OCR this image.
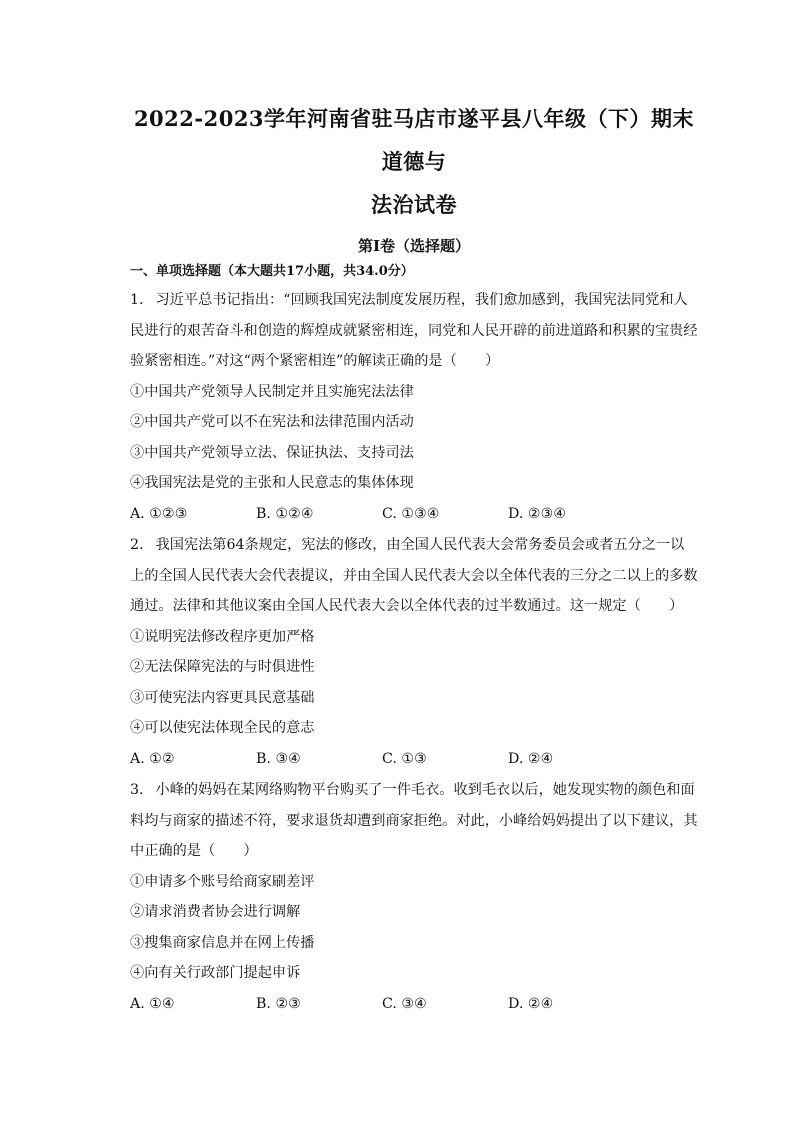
2022-2023学年河南省驻马店市遂平县八年级（下）期末道德与
法治试卷
第Ⅰ卷（选择题）
一、单项选择题（本大题共17小题，共34.0分）

1. 习近平总书记指出：“回顾我国宪法制度发展历程，我们愈加感到，我国宪法同党和人民进行的艰苦奋斗和创造的辉煌成就紧密相连，同党和人民开辟的前进道路和积累的宝贵经验紧密相连。”对这“两个紧密相连”的解读正确的是（　　）

①中国共产党领导人民制定并且实施宪法法律

②中国共产党可以不在宪法和法律范围内活动

③中国共产党领导立法、保证执法、支持司法

④我国宪法是党的主张和人民意志的集体体现

A. ①②③	B. ①②④	C. ①③④	D. ②③④

2. 我国宪法第64条规定，宪法的修改，由全国人民代表大会常务委员会或者五分之一以上的全国人民代表大会代表提议，并由全国人民代表大会以全体代表的三分之二以上的多数通过。法律和其他议案由全国人民代表大会以全体代表的过半数通过。这一规定（　　）

①说明宪法修改程序更加严格

②无法保障宪法的与时俱进性

③可使宪法内容更具民意基础

④可以使宪法体现全民的意志

A. ①②	B. ③④	C. ①③	D. ②④

3. 小峰的妈妈在某网络购物平台购买了一件毛衣。收到毛衣以后，她发现实物的颜色和面料均与商家的描述不符，要求退货却遭到商家拒绝。对此，小峰给妈妈提出了以下建议，其中正确的是（　　）

①申请多个账号给商家刷差评

②请求消费者协会进行调解

③搜集商家信息并在网上传播

④向有关行政部门提起申诉

A. ①④	B. ②③	C. ③④	D. ②④
